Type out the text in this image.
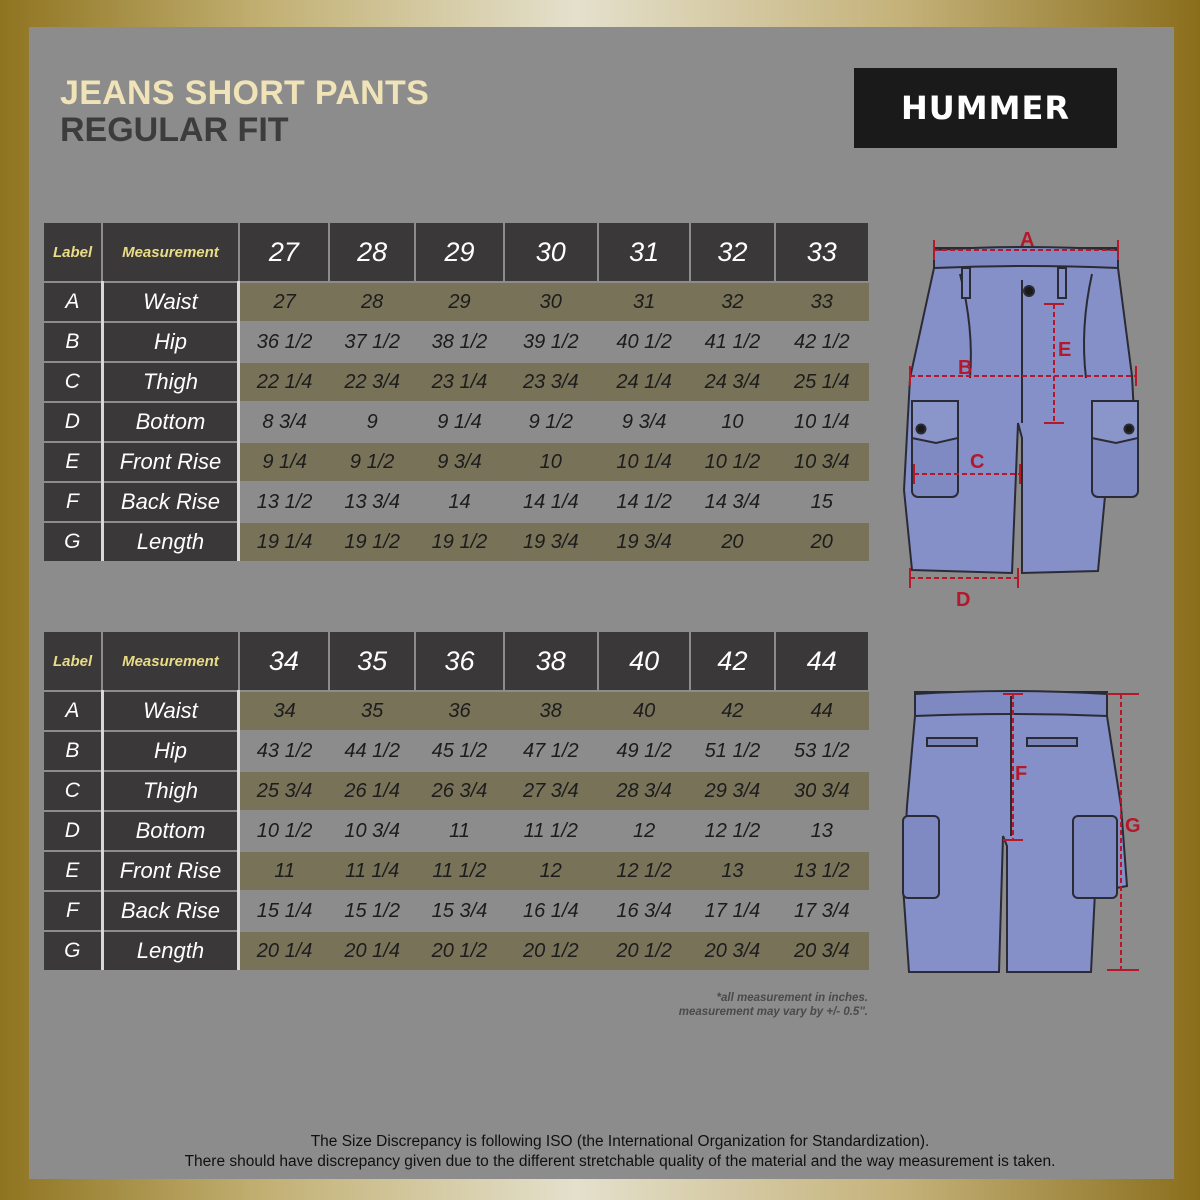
JEANS SHORT PANTS
REGULAR FIT
HUMMER
Label	Measurement	27	28	29	30	31	32	33
A	Waist	27	28	29	30	31	32	33
B	Hip	36 1/2	37 1/2	38 1/2	39 1/2	40 1/2	41 1/2	42 1/2
C	Thigh	22 1/4	22 3/4	23 1/4	23 3/4	24 1/4	24 3/4	25 1/4
D	Bottom	8 3/4	9	9 1/4	9 1/2	9 3/4	10	10 1/4
E	Front Rise	9 1/4	9 1/2	9 3/4	10	10 1/4	10 1/2	10 3/4
F	Back Rise	13 1/2	13 3/4	14	14 1/4	14 1/2	14 3/4	15
G	Length	19 1/4	19 1/2	19 1/2	19 3/4	19 3/4	20	20
Label	Measurement	34	35	36	38	40	42	44
A	Waist	34	35	36	38	40	42	44
B	Hip	43 1/2	44 1/2	45 1/2	47 1/2	49 1/2	51 1/2	53 1/2
C	Thigh	25 3/4	26 1/4	26 3/4	27 3/4	28 3/4	29 3/4	30 3/4
D	Bottom	10 1/2	10 3/4	11	11 1/2	12	12 1/2	13
E	Front Rise	11	11 1/4	11 1/2	12	12 1/2	13	13 1/2
F	Back Rise	15 1/4	15 1/2	15 3/4	16 1/4	16 3/4	17 1/4	17 3/4
G	Length	20 1/4	20 1/4	20 1/2	20 1/2	20 1/2	20 3/4	20 3/4
A
B
C
D
E
F
G
*all measurement in inches.
measurement may vary by +/- 0.5''.
The Size Discrepancy is following ISO (the International Organization for Standardization).
There should have discrepancy given due to the different stretchable quality of the material and the way measurement is taken.
